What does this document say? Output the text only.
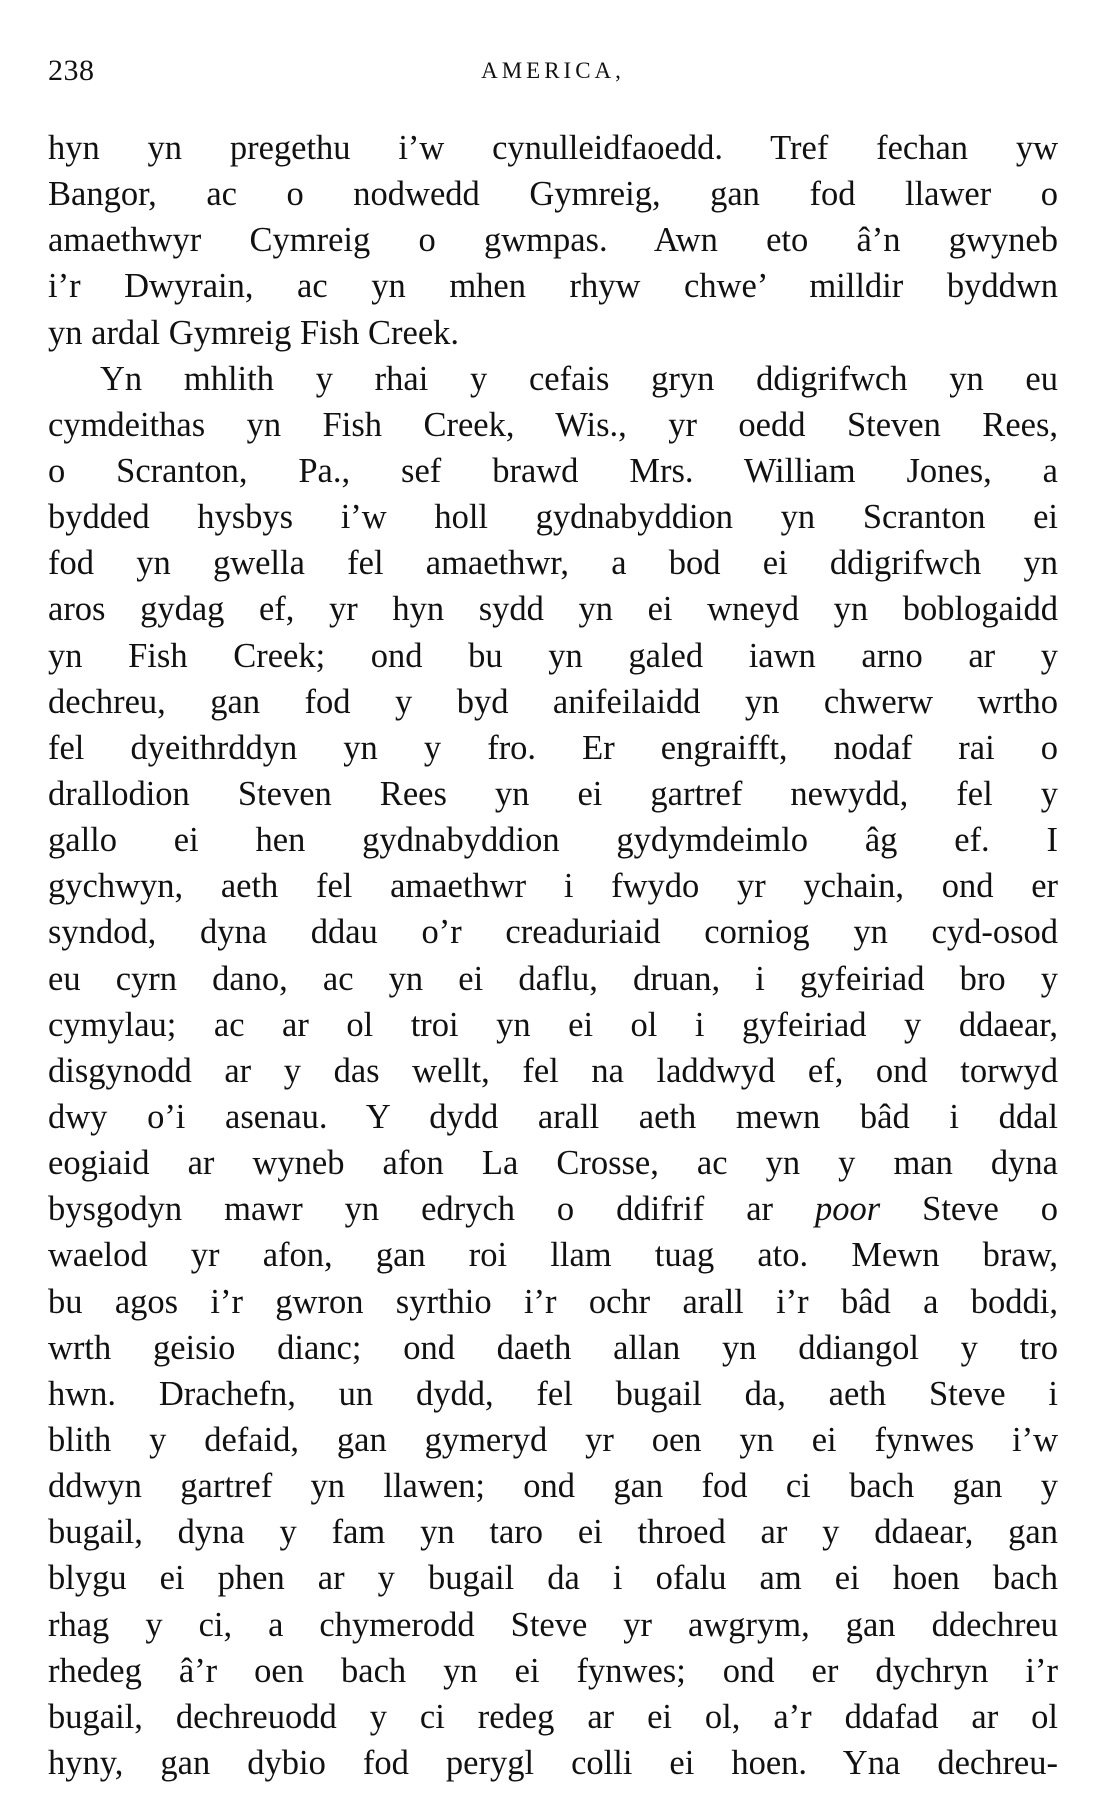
238	AMERICA,
hyn yn pregethu i’w cynulleidfaoedd. Tref fechan yw
Bangor, ac o nodwedd Gymreig, gan fod llawer o
amaethwyr Cymreig o gwmpas. Awn eto â’n gwyneb
i’r Dwyrain, ac yn mhen rhyw chwe’ milldir byddwn
yn ardal Gymreig Fish Creek.
Yn mhlith y rhai y cefais gryn ddigrifwch yn eu
cymdeithas yn Fish Creek, Wis., yr oedd Steven Rees,
o Scranton, Pa., sef brawd Mrs. William Jones, a
bydded hysbys i’w holl gydnabyddion yn Scranton ei
fod yn gwella fel amaethwr, a bod ei ddigrifwch yn
aros gydag ef, yr hyn sydd yn ei wneyd yn boblogaidd
yn Fish Creek; ond bu yn galed iawn arno ar y
dechreu, gan fod y byd anifeilaidd yn chwerw wrtho
fel dyeithrddyn yn y fro. Er engraifft, nodaf rai o
drallodion Steven Rees yn ei gartref newydd, fel y
gallo ei hen gydnabyddion gydymdeimlo âg ef. I
gychwyn, aeth fel amaethwr i fwydo yr ychain, ond er
syndod, dyna ddau o’r creaduriaid corniog yn cyd-osod
eu cyrn dano, ac yn ei daflu, druan, i gyfeiriad bro y
cymylau; ac ar ol troi yn ei ol i gyfeiriad y ddaear,
disgynodd ar y das wellt, fel na laddwyd ef, ond torwyd
dwy o’i asenau. Y dydd arall aeth mewn bâd i ddal
eogiaid ar wyneb afon La Crosse, ac yn y man dyna
bysgodyn mawr yn edrych o ddifrif ar poor Steve o
waelod yr afon, gan roi llam tuag ato. Mewn braw,
bu agos i’r gwron syrthio i’r ochr arall i’r bâd a boddi,
wrth geisio dianc; ond daeth allan yn ddiangol y tro
hwn. Drachefn, un dydd, fel bugail da, aeth Steve i
blith y defaid, gan gymeryd yr oen yn ei fynwes i’w
ddwyn gartref yn llawen; ond gan fod ci bach gan y
bugail, dyna y fam yn taro ei throed ar y ddaear, gan
blygu ei phen ar y bugail da i ofalu am ei hoen bach
rhag y ci, a chymerodd Steve yr awgrym, gan ddechreu
rhedeg â’r oen bach yn ei fynwes; ond er dychryn i’r
bugail, dechreuodd y ci redeg ar ei ol, a’r ddafad ar ol
hyny, gan dybio fod perygl colli ei hoen. Yna dechreu-
